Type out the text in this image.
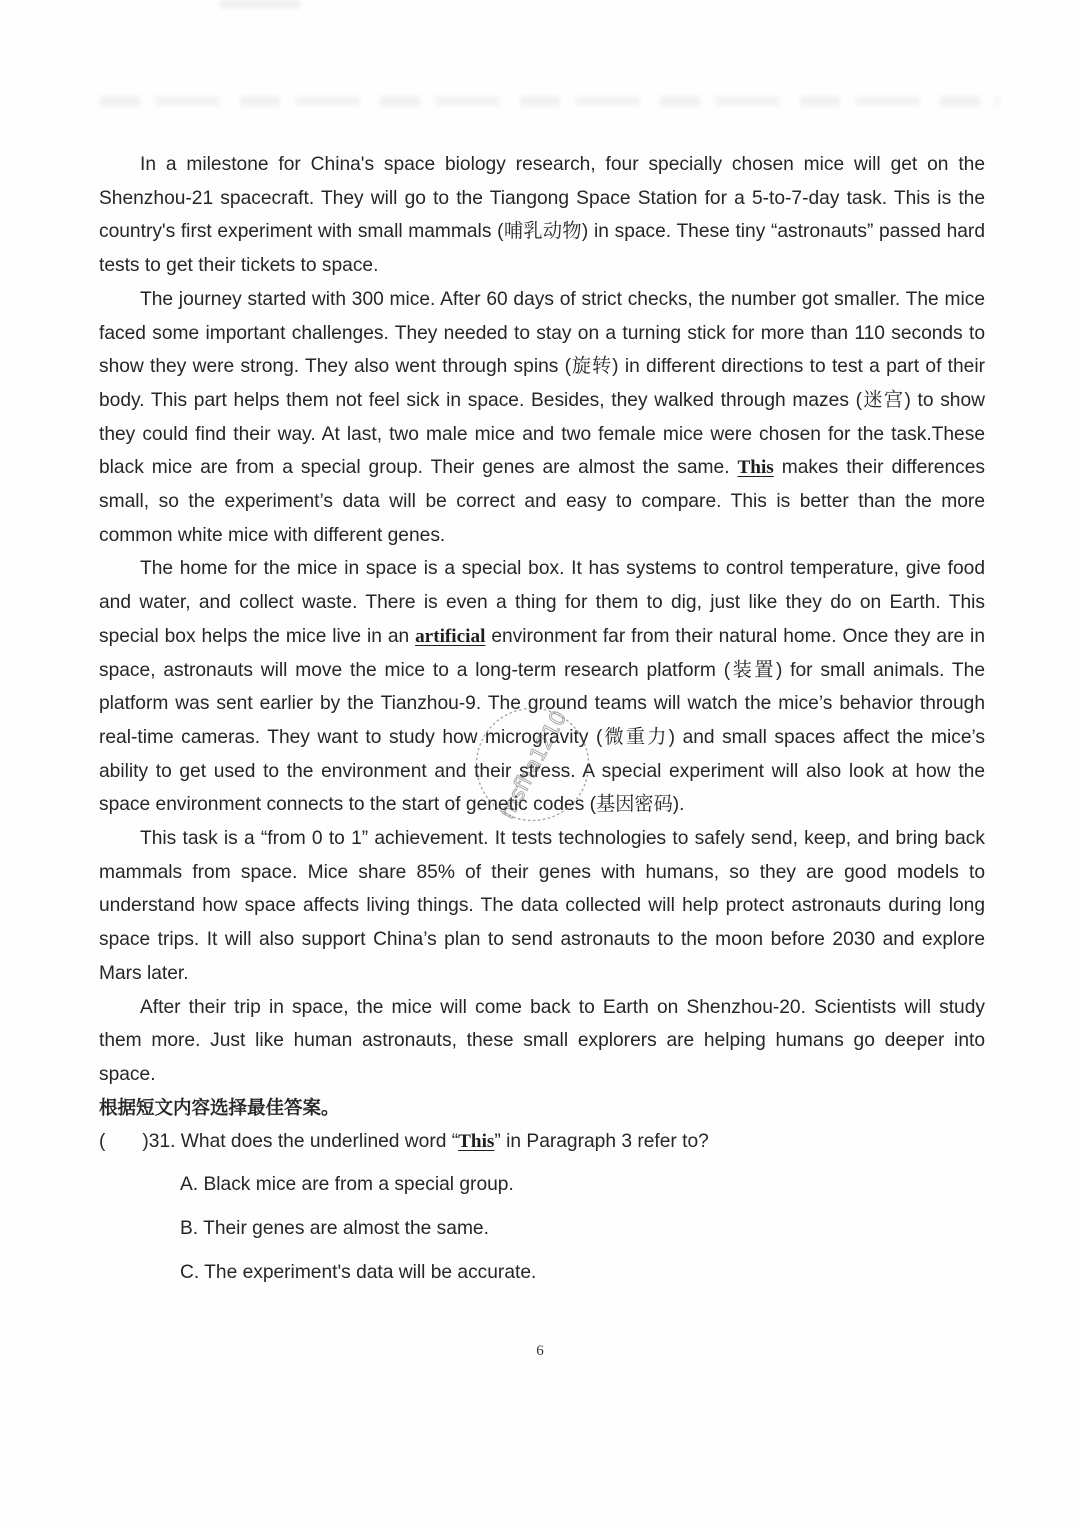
In a milestone for China's space biology research, four specially chosen mice will get on the Shenzhou-21 spacecraft. They will go to the Tiangong Space Station for a 5-to-7-day task. This is the country's first experiment with small mammals (哺乳动物) in space. These tiny “astronauts” passed hard tests to get their tickets to space.

The journey started with 300 mice. After 60 days of strict checks, the number got smaller. The mice faced some important challenges. They needed to stay on a turning stick for more than 110 seconds to show they were strong. They also went through spins (旋转) in different directions to test a part of their body. This part helps them not feel sick in space. Besides, they walked through mazes (迷宫) to show they could find their way. At last, two male mice and two female mice were chosen for the task.These black mice are from a special group. Their genes are almost the same. This makes their differences small, so the experiment’s data will be correct and easy to compare. This is better than the more common white mice with different genes.

The home for the mice in space is a special box. It has systems to control temperature, give food and water, and collect waste. There is even a thing for them to dig, just like they do on Earth. This special box helps the mice live in an artificial environment far from their natural home. Once they are in space, astronauts will move the mice to a long-term research platform (装置) for small animals. The platform was sent earlier by the Tianzhou-9. The ground teams will watch the mice’s behavior through real-time cameras. They want to study how microgravity (微重力) and small spaces affect the mice’s ability to get used to the environment and their stress. A special experiment will also look at how the space environment connects to the start of genetic codes (基因密码).

This task is a “from 0 to 1” achievement. It tests technologies to safely send, keep, and bring back mammals from space. Mice share 85% of their genes with humans, so they are good models to understand how space affects living things. The data collected will help protect astronauts during long space trips. It will also support China’s plan to send astronauts to the moon before 2030 and explore Mars later.

After their trip in space, the mice will come back to Earth on Shenzhou-20. Scientists will study them more. Just like human astronauts, these small explorers are helping humans go deeper into space.

根据短文内容选择最佳答案。

( )31. What does the underlined word “This” in Paragraph 3 refer to?

A. Black mice are from a special group.

B. Their genes are almost the same.

C. The experiment's data will be accurate.

msfha1210
6
